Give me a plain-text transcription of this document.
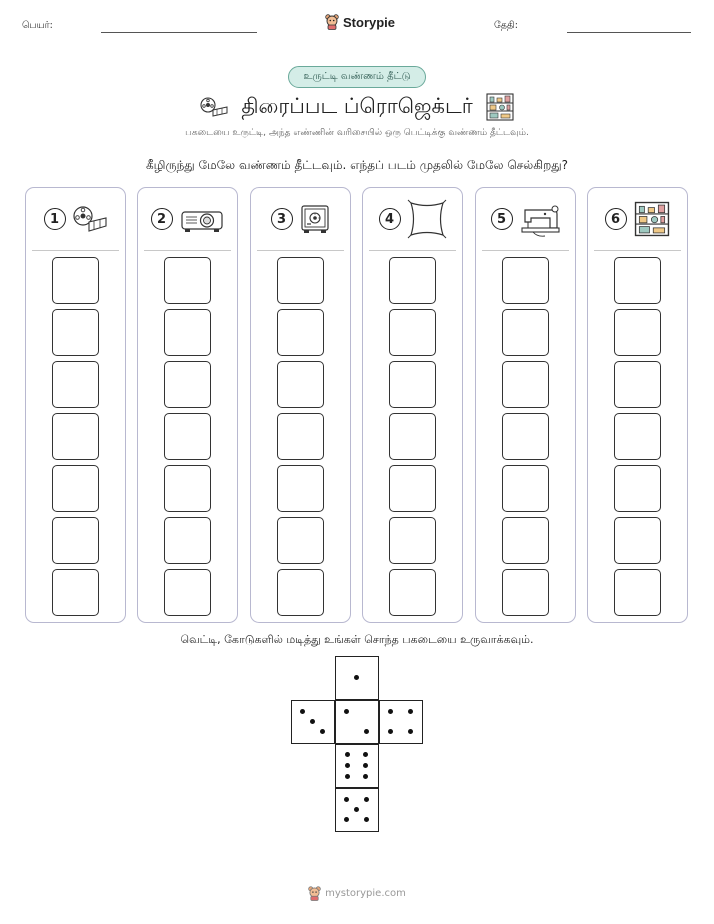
பெயர்:	Storypie	தேதி:
உருட்டி வண்ணம் தீட்டு
திரைப்பட ப்ரொஜெக்டர்
பகடையை உருட்டி, அந்த எண்ணின் வரிசையில் ஒரு பெட்டிக்கு வண்ணம் தீட்டவும்.
கீழிருந்து மேலே வண்ணம் தீட்டவும். எந்தப் படம் முதலில் மேலே செல்கிறது?
1	2	3	4	5	6
வெட்டி, கோடுகளில் மடித்து உங்கள் சொந்த பகடையை உருவாக்கவும்.
mystorypie.com
